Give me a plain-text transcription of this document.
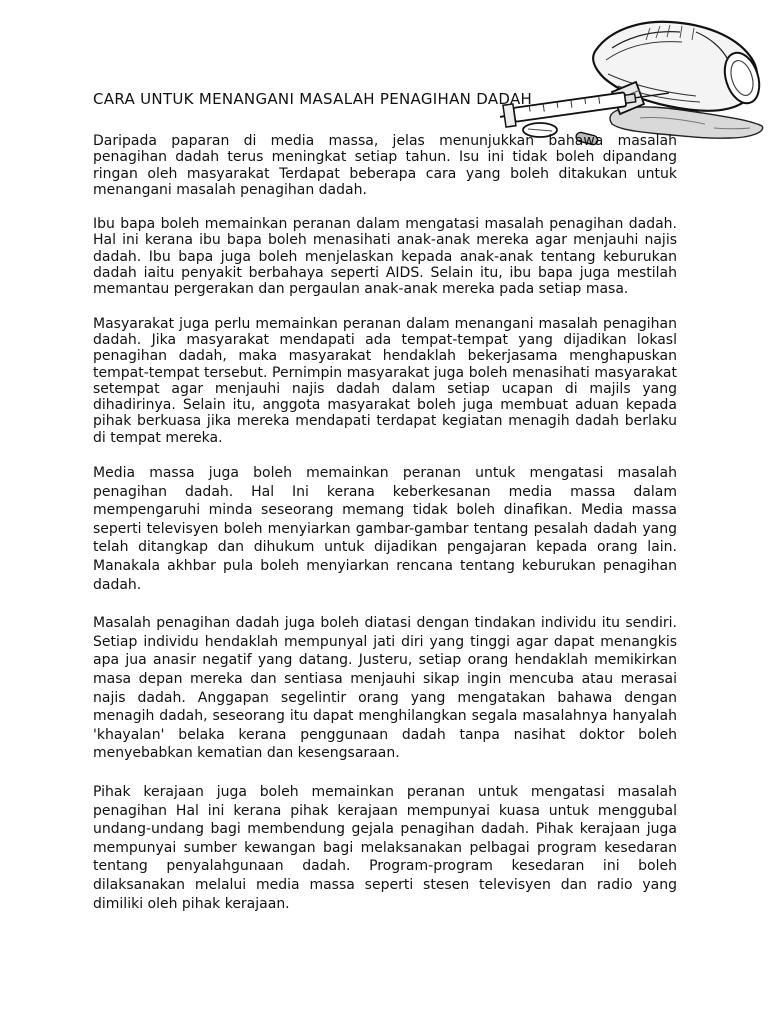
CARA UNTUK MENANGANI MASALAH PENAGIHAN DADAH

Daripada paparan di media massa, jelas menunjukkan bahawa masalah penagihan dadah terus meningkat setiap tahun. Isu ini tidak boleh dipandang ringan oleh masyarakat Terdapat beberapa cara yang boleh ditakukan untuk menangani masalah penagihan dadah.

Ibu bapa boleh memainkan peranan dalam mengatasi masalah penagihan dadah. Hal ini kerana ibu bapa boleh menasihati anak-anak mereka agar menjauhi najis dadah. Ibu bapa juga boleh menjelaskan kepada anak-anak tentang keburukan dadah iaitu penyakit berbahaya seperti AIDS. Selain itu, ibu bapa juga mestilah memantau pergerakan dan pergaulan anak-anak mereka pada setiap masa.

Masyarakat juga perlu memainkan peranan dalam menangani masalah penagihan dadah. Jika masyarakat mendapati ada tempat-tempat yang dijadikan lokasl penagihan dadah, maka masyarakat hendaklah bekerjasama menghapuskan tempat-tempat tersebut. Pernimpin masyarakat juga boleh menasihati masyarakat setempat agar menjauhi najis dadah dalam setiap ucapan di majils yang dihadirinya. Selain itu, anggota masyarakat boleh juga membuat aduan kepada pihak berkuasa jika mereka mendapati terdapat kegiatan menagih dadah berlaku di tempat mereka.

Media massa juga boleh memainkan peranan untuk mengatasi masalah penagihan dadah. Hal Ini kerana keberkesanan media massa dalam mempengaruhi minda seseorang memang tidak boleh dinafikan. Media massa seperti televisyen boleh menyiarkan gambar-gambar tentang pesalah dadah yang telah ditangkap dan dihukum untuk dijadikan pengajaran kepada orang lain. Manakala akhbar pula boleh menyiarkan rencana tentang keburukan penagihan dadah.

Masalah penagihan dadah juga boleh diatasi dengan tindakan individu itu sendiri. Setiap individu hendaklah mempunyal jati diri yang tinggi agar dapat menangkis apa jua anasir negatif yang datang. Justeru, setiap orang hendaklah memikirkan masa depan mereka dan sentiasa menjauhi sikap ingin mencuba atau merasai najis dadah. Anggapan segelintir orang yang mengatakan bahawa dengan menagih dadah, seseorang itu dapat menghilangkan segala masalahnya hanyalah 'khayalan' belaka kerana penggunaan dadah tanpa nasihat doktor boleh menyebabkan kematian dan kesengsaraan.

Pihak kerajaan juga boleh memainkan peranan untuk mengatasi masalah penagihan Hal ini kerana pihak kerajaan mempunyai kuasa untuk menggubal undang-undang bagi membendung gejala penagihan dadah. Pihak kerajaan juga mempunyai sumber kewangan bagi melaksanakan pelbagai program kesedaran tentang penyalahgunaan dadah. Program-program kesedaran ini boleh dilaksanakan melalui media massa seperti stesen televisyen dan radio yang dimiliki oleh pihak kerajaan.
